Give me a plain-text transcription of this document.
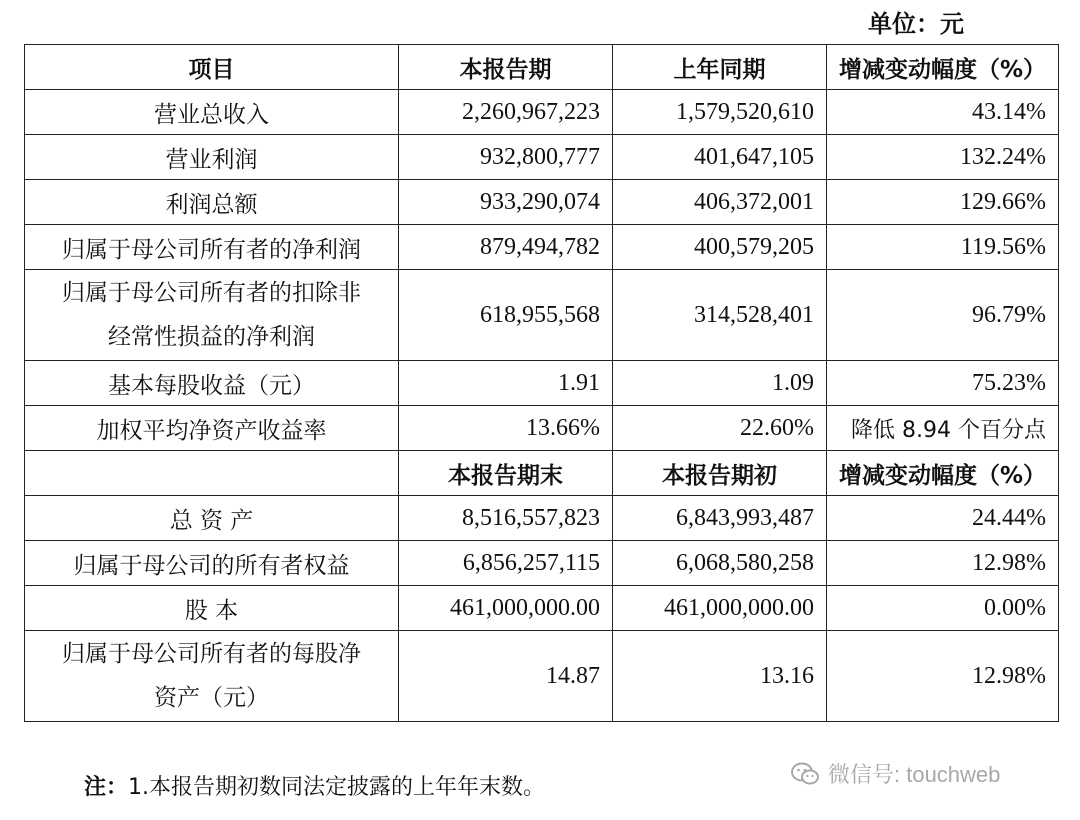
单位：元
项目	本报告期	上年同期	增减变动幅度（%）
营业总收入	2,260,967,223	1,579,520,610	43.14%
营业利润	932,800,777	401,647,105	132.24%
利润总额	933,290,074	406,372,001	129.66%
归属于母公司所有者的净利润	879,494,782	400,579,205	119.56%

归属于母公司所有者的扣除非
经常性损益的净利润	618,955,568	314,528,401	96.79%
基本每股收益（元）	1.91	1.09	75.23%
加权平均净资产收益率	13.66%	22.60%	降低 8.94 个百分点
	本报告期末	本报告期初	增减变动幅度（%）
总 资 产	8,516,557,823	6,843,993,487	24.44%
归属于母公司的所有者权益	6,856,257,115	6,068,580,258	12.98%
股 本	461,000,000.00	461,000,000.00	0.00%

归属于母公司所有者的每股净
资产（元）	14.87	13.16	12.98%
注：1.本报告期初数同法定披露的上年年末数。
微信号: touchweb
